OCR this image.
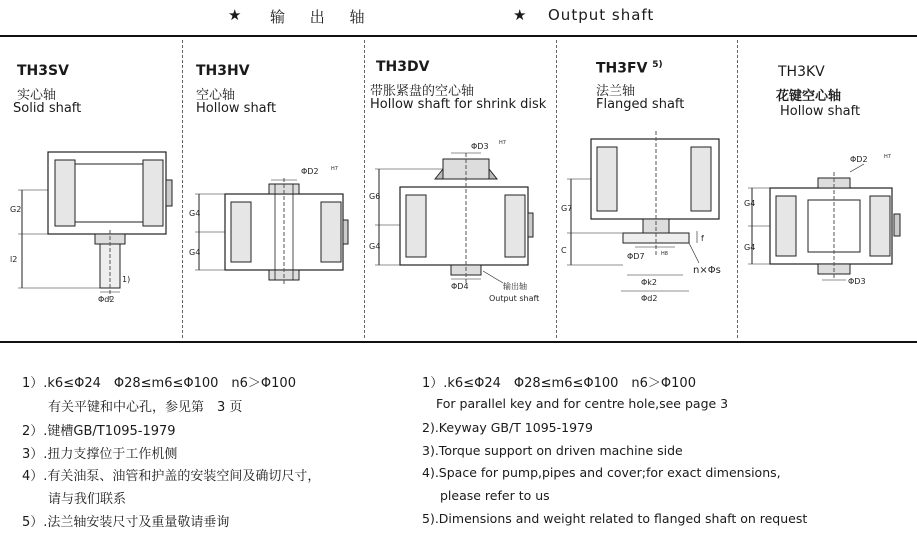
★ 输 出 轴	★ Output shaft
TH3SV
实心轴
Solid shaft
G2
l2
Φd2
1)
TH3HV
空心轴
Hollow shaft
ΦD2 H7
G4
G4
TH3DV
带胀紧盘的空心轴
Hollow shaft for shrink disk
ΦD3 H7
G6
G4
ΦD4	输出轴
Output shaft
TH3FV $^{5)}$
法兰轴
Flanged shaft
G7
C
ΦD7	H8
Φk2
Φd2
n×Φs
f
TH3KV
花键空心轴
Hollow shaft
ΦD2	H7
G4
G4
ΦD3
1）.k6≤Φ24　Φ28≤m6≤Φ100　n6＞Φ100
有关平键和中心孔，参见第　3 页
2）.键槽GB/T1095-1979
3）.扭力支撑位于工作机侧
4）.有关油泵、油管和护盖的安装空间及确切尺寸，
请与我们联系
5）.法兰轴安装尺寸及重量敬请垂询
1）.k6≤Φ24　Φ28≤m6≤Φ100　n6＞Φ100
For parallel key and for centre hole,see page 3
2).Keyway GB/T 1095-1979
3).Torque support on driven machine side
4).Space for pump,pipes and cover;for exact dimensions,
please refer to us
5).Dimensions and weight related to flanged shaft on request
